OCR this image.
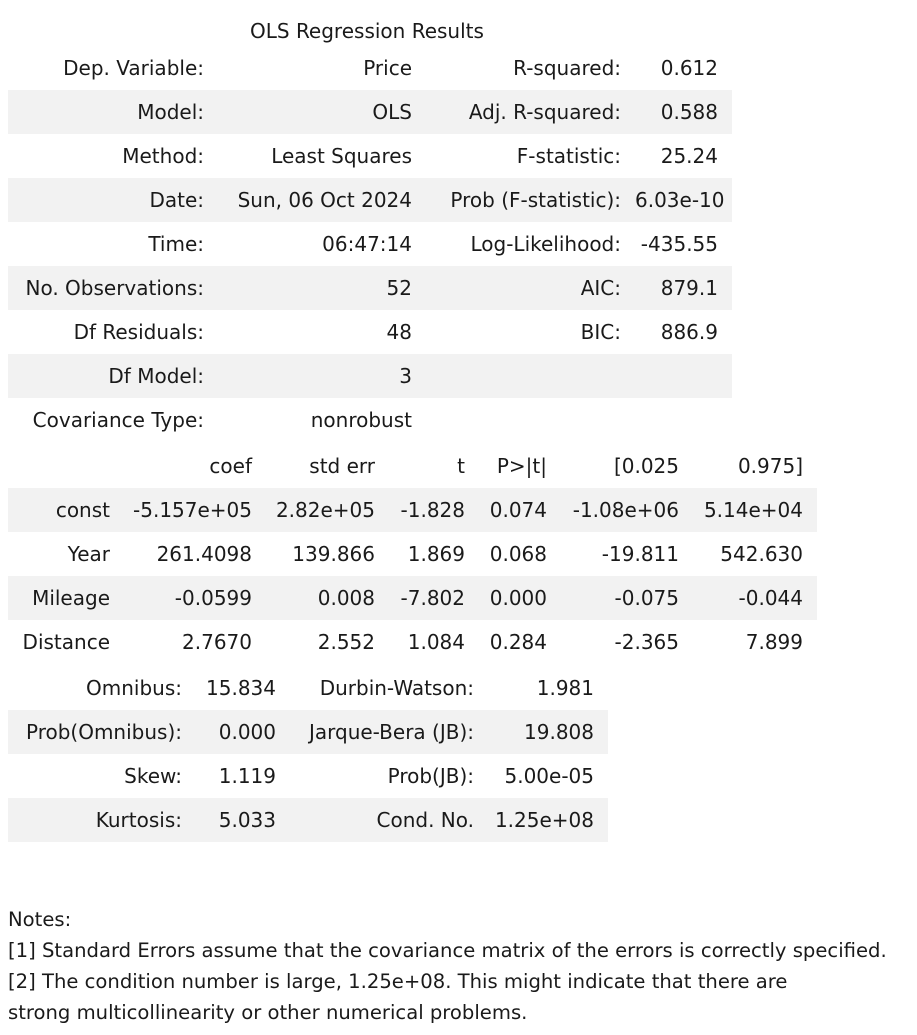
OLS Regression Results
Dep. Variable:	Price	R-squared:	0.612
Model:	OLS	Adj. R-squared:	0.588
Method:	Least Squares	F-statistic:	25.24
Date:	Sun, 06 Oct 2024	Prob (F-statistic):	6.03e-10
Time:	06:47:14	Log-Likelihood:	-435.55
No. Observations:	52	AIC:	879.1
Df Residuals:	48	BIC:	886.9
Df Model:	3		
Covariance Type:	nonrobust		
	coef	std err	t	P>|t|	[0.025	0.975]
const	-5.157e+05	2.82e+05	-1.828	0.074	-1.08e+06	5.14e+04
Year	261.4098	139.866	1.869	0.068	-19.811	542.630
Mileage	-0.0599	0.008	-7.802	0.000	-0.075	-0.044
Distance	2.7670	2.552	1.084	0.284	-2.365	7.899
Omnibus:	15.834	Durbin-Watson:	1.981
Prob(Omnibus):	0.000	Jarque-Bera (JB):	19.808
Skew:	1.119	Prob(JB):	5.00e-05
Kurtosis:	5.033	Cond. No.	1.25e+08
Notes:
[1] Standard Errors assume that the covariance matrix of the errors is correctly specified.
[2] The condition number is large, 1.25e+08. This might indicate that there are
strong multicollinearity or other numerical problems.
